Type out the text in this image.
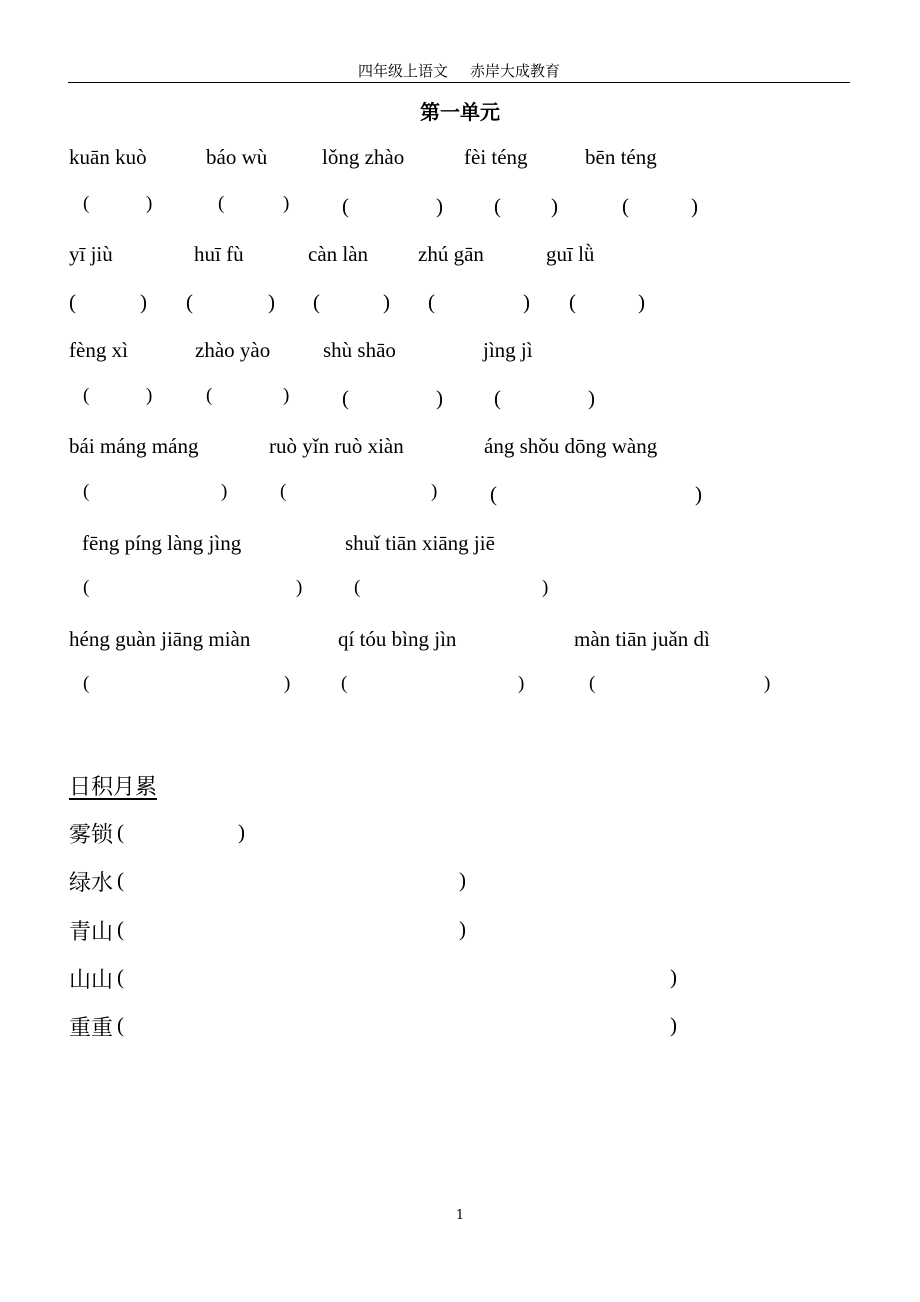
四年级上语文 赤岸大成教育
第一单元
kuān kuò	báo wù	lǒng zhào	fèi téng	bēn téng
(	)	(	)	(	) ( )	(	)
yī jiù	huī fù	càn làn zhú gān	guī lǜ
(	) (	) (	) (	) (	)
fèng xì	zhào yào	shù shāo	jìng jì
(	)	(	)	(	) (	)
bái máng máng	ruò yǐn ruò xiàn	áng shǒu dōng wàng
(	)	(	)	(	)
fēng píng làng jìng	shuǐ tiān xiāng jiē
(	)	(	)
héng guàn jiāng miàn	qí tóu bìng jìn	màn tiān juǎn dì
(	)	(	)	(	)
日积月累
雾锁 (	)
绿水 (	)
青山 (	)
山山 (	)
重重 (	)
1
